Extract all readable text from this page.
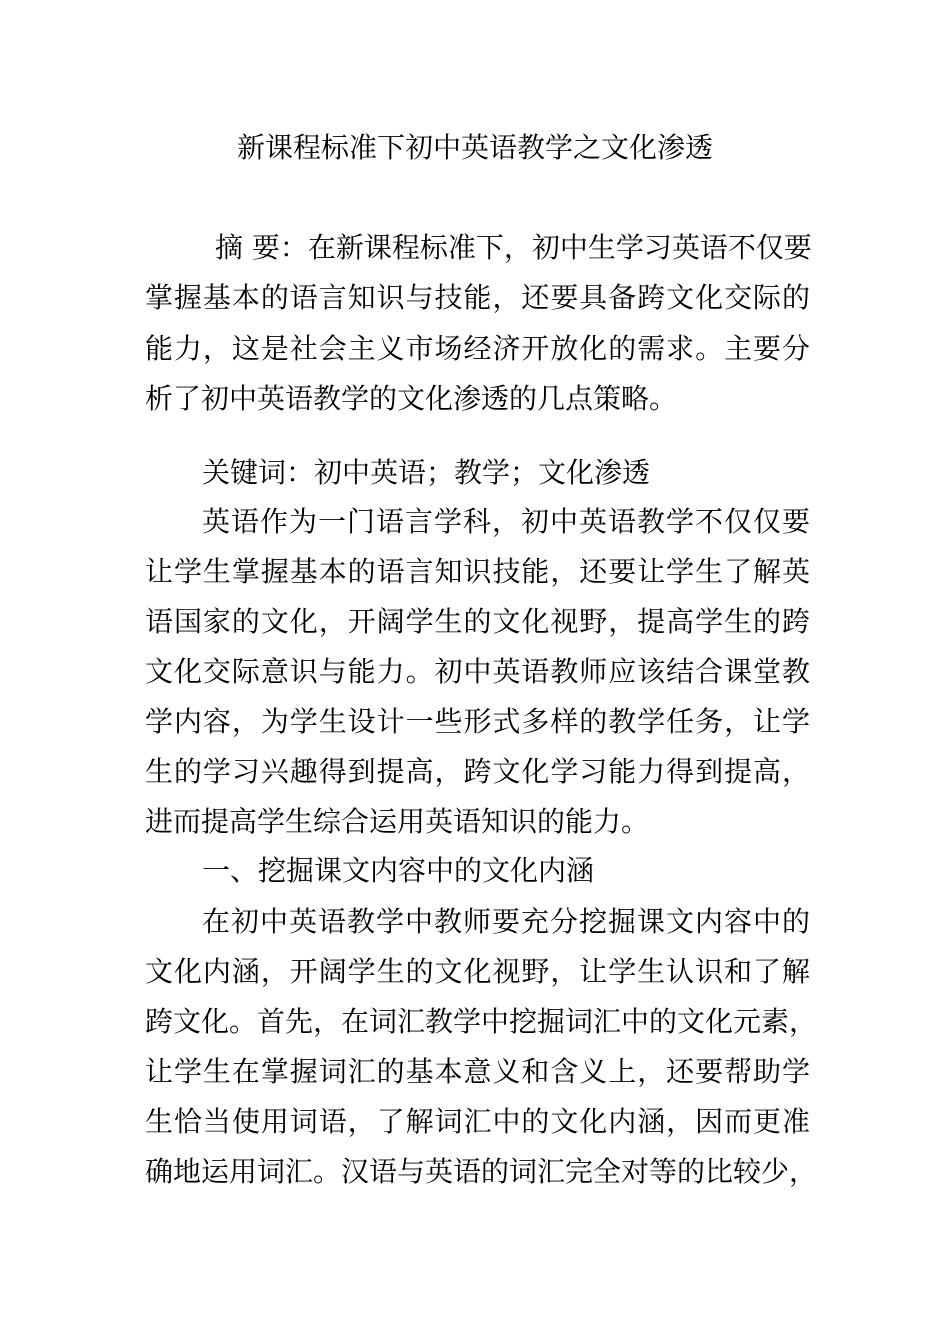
新课程标准下初中英语教学之文化渗透
摘 要：在新课程标准下，初中生学习英语不仅要
掌握基本的语言知识与技能，还要具备跨文化交际的
能力，这是社会主义市场经济开放化的需求。主要分
析了初中英语教学的文化渗透的几点策略。
关键词：初中英语；教学；文化渗透
英语作为一门语言学科，初中英语教学不仅仅要
让学生掌握基本的语言知识技能，还要让学生了解英
语国家的文化，开阔学生的文化视野，提高学生的跨
文化交际意识与能力。初中英语教师应该结合课堂教
学内容，为学生设计一些形式多样的教学任务，让学
生的学习兴趣得到提高，跨文化学习能力得到提高，
进而提高学生综合运用英语知识的能力。
一、挖掘课文内容中的文化内涵
在初中英语教学中教师要充分挖掘课文内容中的
文化内涵，开阔学生的文化视野，让学生认识和了解
跨文化。首先，在词汇教学中挖掘词汇中的文化元素，
让学生在掌握词汇的基本意义和含义上，还要帮助学
生恰当使用词语，了解词汇中的文化内涵，因而更准
确地运用词汇。汉语与英语的词汇完全对等的比较少，
